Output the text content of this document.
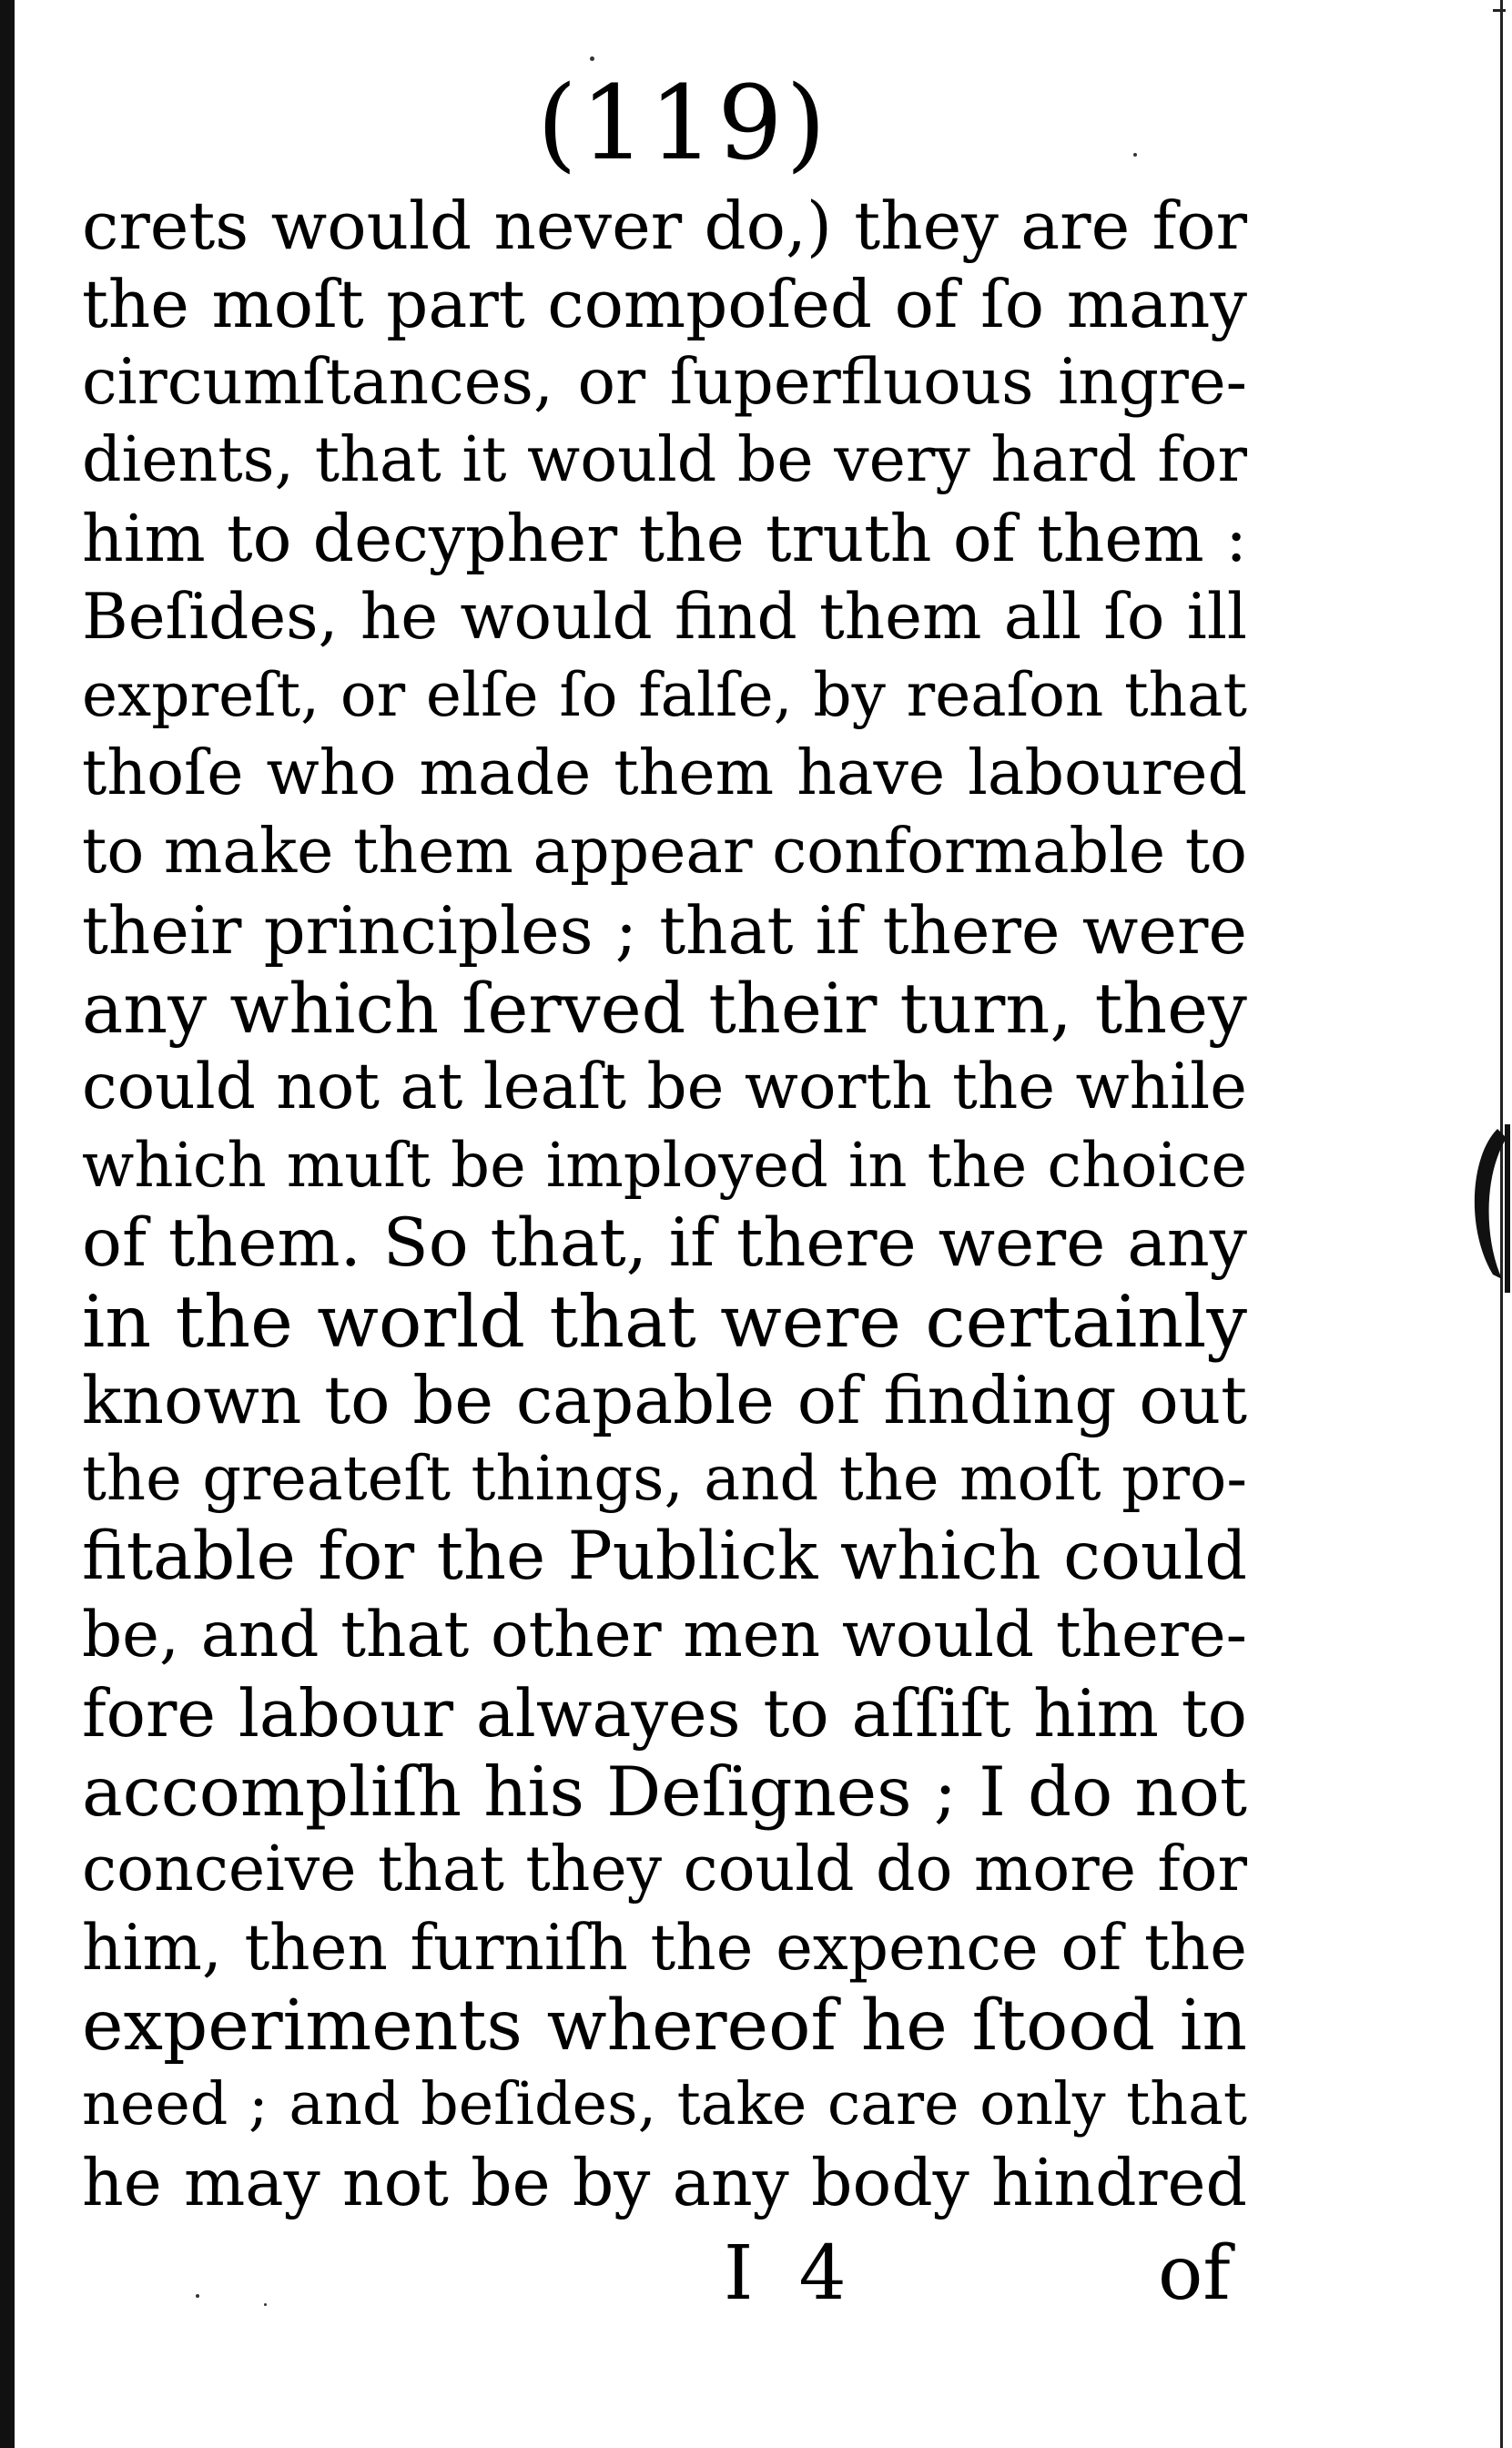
(119)
crets would never do,) they are for
the moſt part compoſed of ſo many
circumſtances, or ſuperfluous ingre-
dients, that it would be very hard for
him to decypher the truth of them :
Beſides, he would find them all ſo ill
expreſt, or elſe ſo falſe, by reaſon that
thoſe who made them have laboured
to make them appear conformable to
their principles ; that if there were
any which ſerved their turn, they
could not at leaſt be worth the while
which muſt be imployed in the choice
of them. So that, if there were any
in the world that were certainly
known to be capable of finding out
the greateſt things, and the moſt pro-
fitable for the Publick which could
be, and that other men would there-
fore labour alwayes to aſſiſt him to
accompliſh his Deſignes ; I do not
conceive that they could do more for
him, then furniſh the expence of the
experiments whereof he ſtood in
need ; and beſides, take care only that
he may not be by any body hindred
I 4	of
